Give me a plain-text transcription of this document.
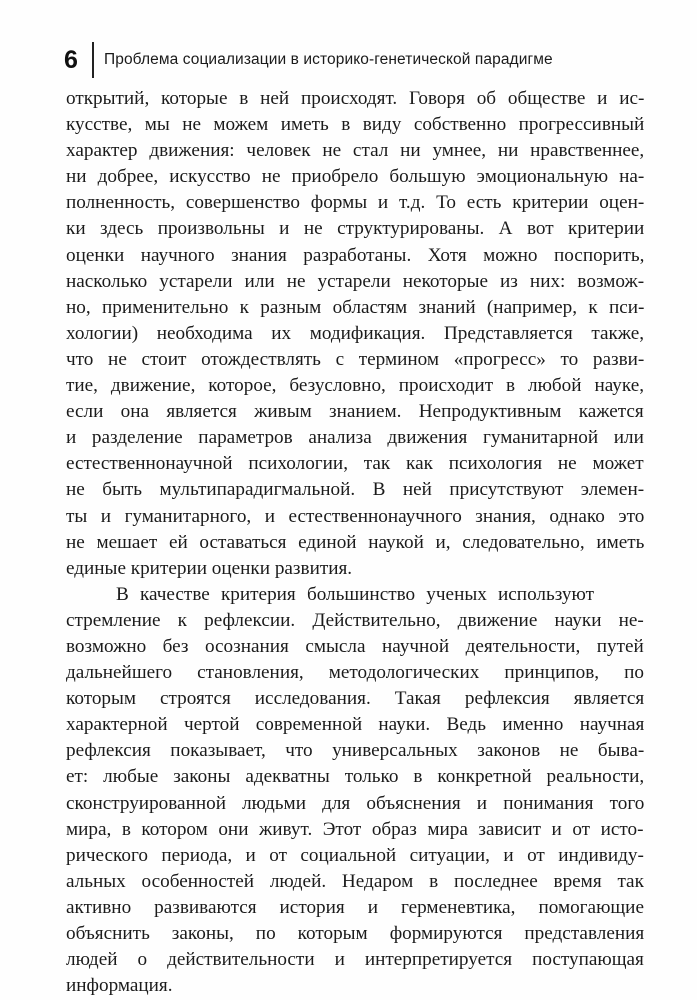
6	Проблема социализации в историко-генетической парадигме

открытий, которые в ней происходят. Говоря об обществе и ис-
кусстве, мы не можем иметь в виду собственно прогрессивный
характер движения: человек не стал ни умнее, ни нравственнее,
ни добрее, искусство не приобрело большую эмоциональную на-
полненность, совершенство формы и т.д. То есть критерии оцен-
ки здесь произвольны и не структурированы. А вот критерии
оценки научного знания разработаны. Хотя можно поспорить,
насколько устарели или не устарели некоторые из них: возмож-
но, применительно к разным областям знаний (например, к пси-
хологии) необходима их модификация. Представляется также,
что не стоит отождествлять с термином «прогресс» то разви-
тие, движение, которое, безусловно, происходит в любой науке,
если она является живым знанием. Непродуктивным кажется
и разделение параметров анализа движения гуманитарной или
естественнонаучной психологии, так как психология не может
не быть мультипарадигмальной. В ней присутствуют элемен-
ты и гуманитарного, и естественнонаучного знания, однако это
не мешает ей оставаться единой наукой и, следовательно, иметь
единые критерии оценки развития.

В качестве критерия большинство ученых используют
стремление к рефлексии. Действительно, движение науки не-
возможно без осознания смысла научной деятельности, путей
дальнейшего становления, методологических принципов, по
которым строятся исследования. Такая рефлексия является
характерной чертой современной науки. Ведь именно научная
рефлексия показывает, что универсальных законов не быва-
ет: любые законы адекватны только в конкретной реальности,
сконструированной людьми для объяснения и понимания того
мира, в котором они живут. Этот образ мира зависит и от исто-
рического периода, и от социальной ситуации, и от индивиду-
альных особенностей людей. Недаром в последнее время так
активно развиваются история и герменевтика, помогающие
объяснить законы, по которым формируются представления
людей о действительности и интерпретируется поступающая
информация.
